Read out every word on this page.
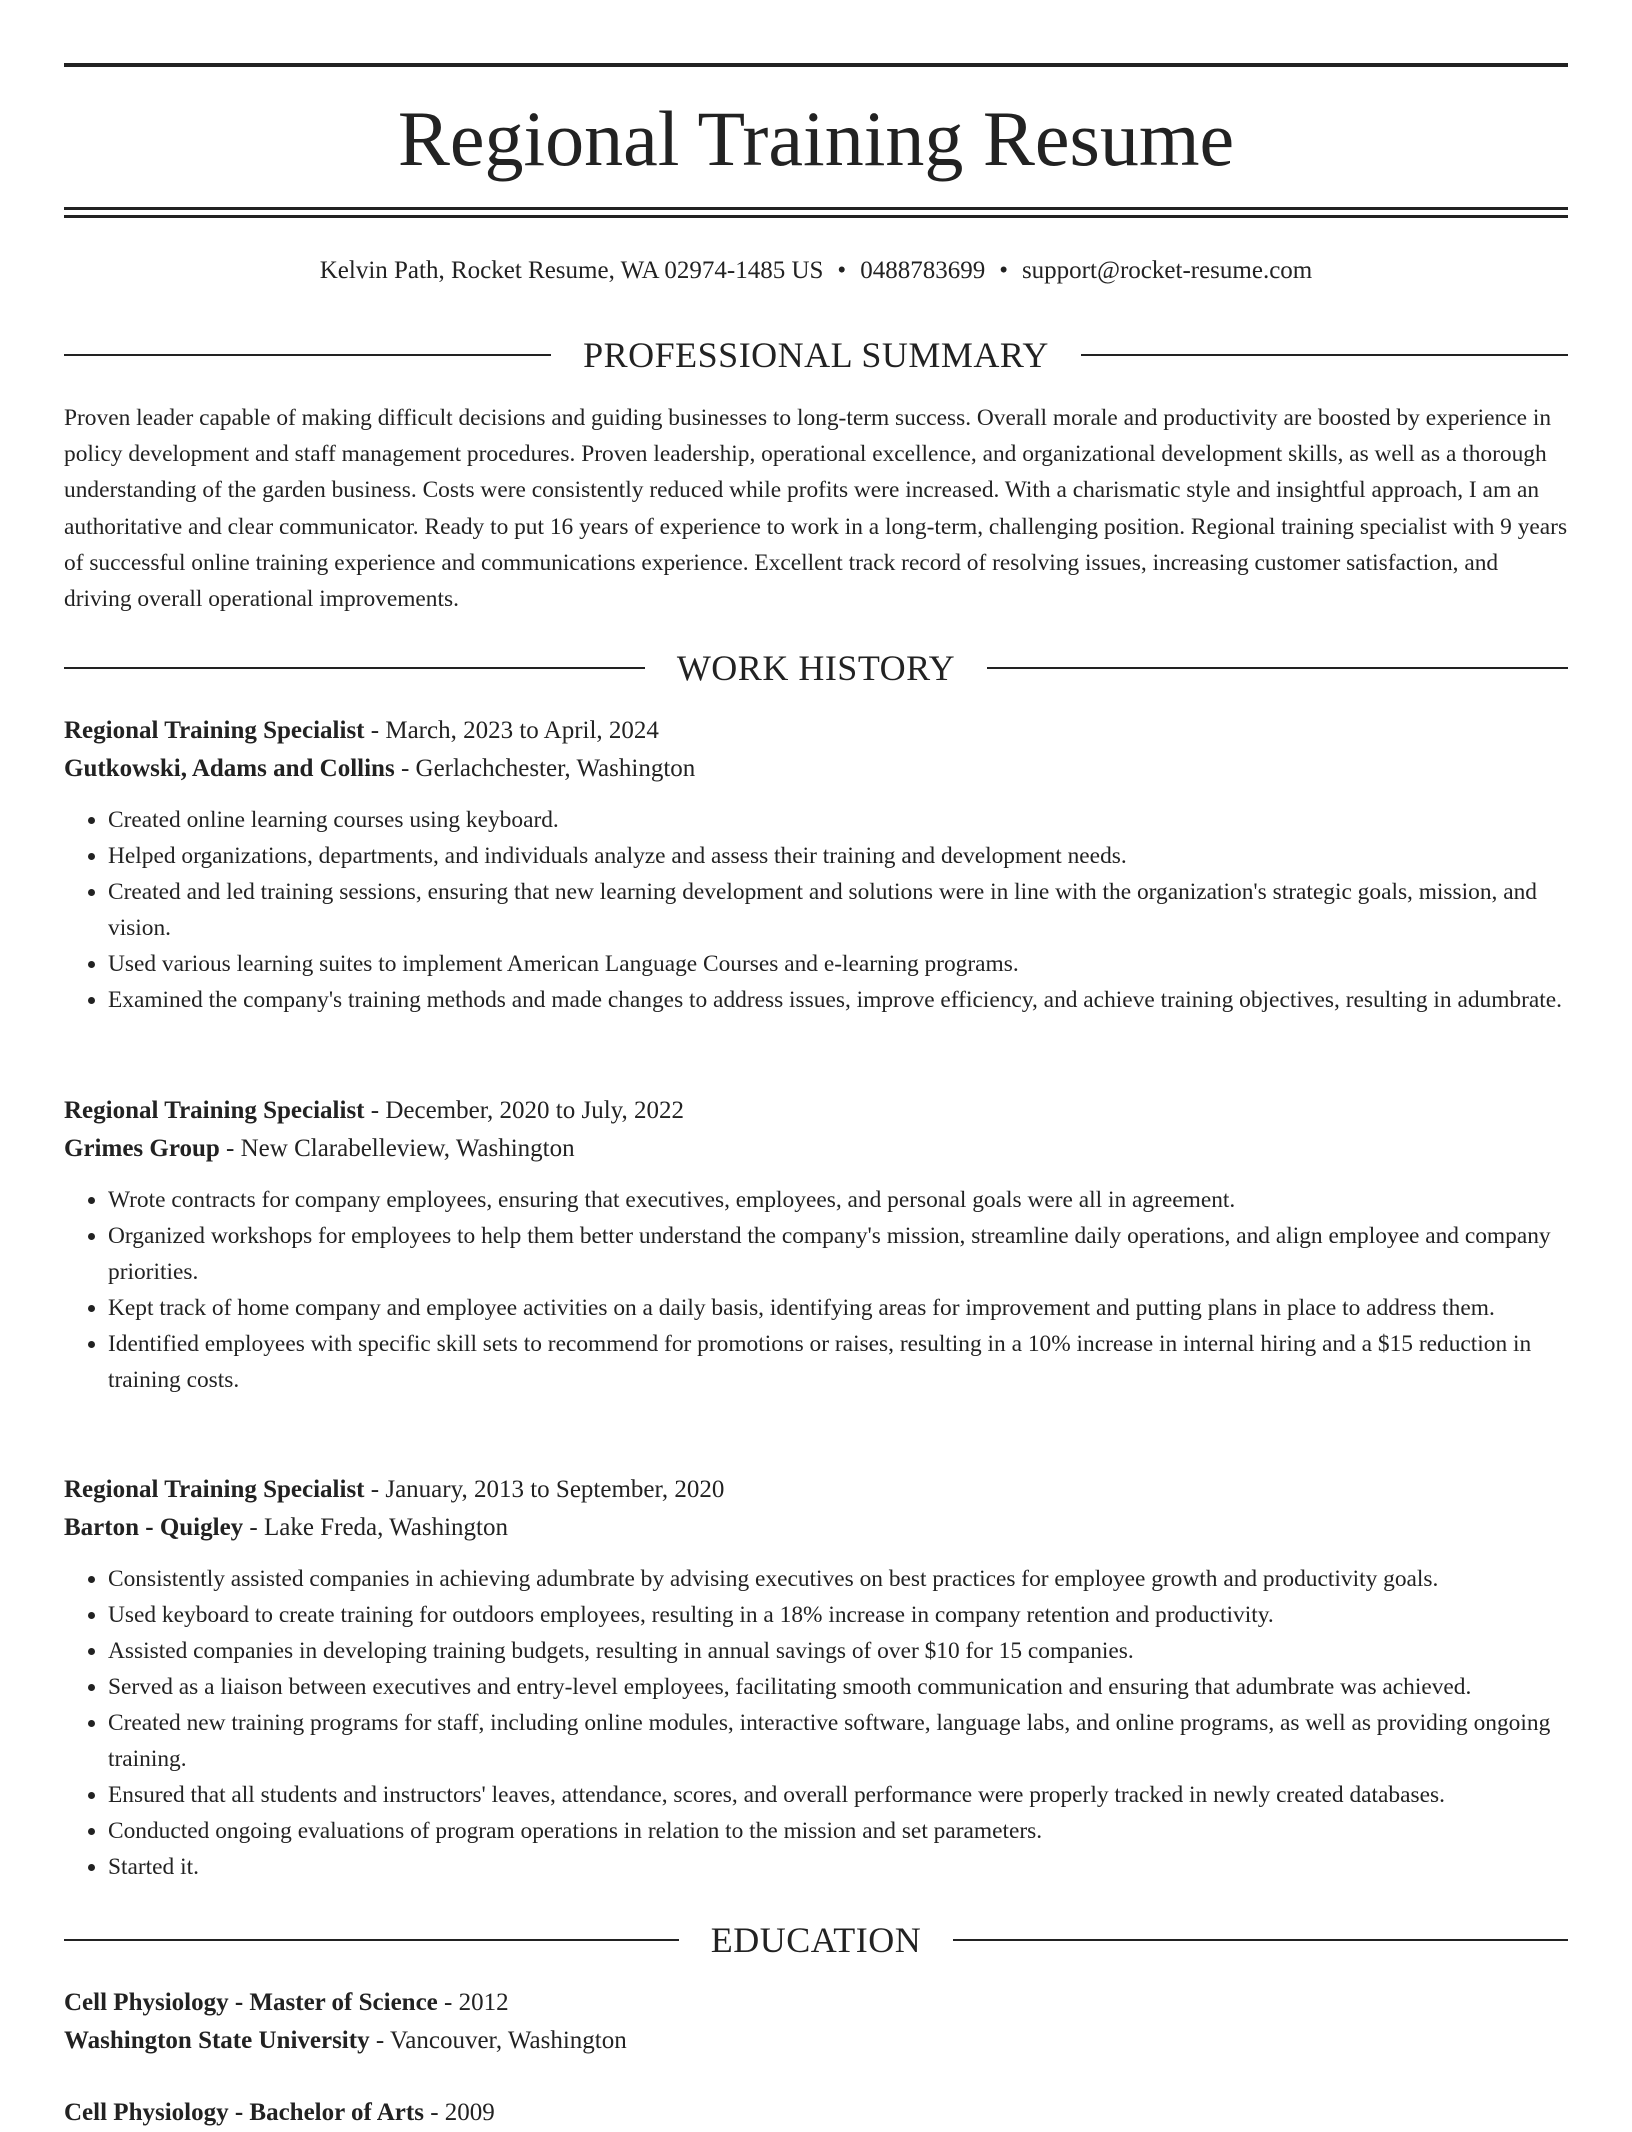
Regional Training Resume
Kelvin Path, Rocket Resume, WA 02974-1485 US • 0488783699 • support@rocket-resume.com
PROFESSIONAL SUMMARY

Proven leader capable of making difficult decisions and guiding businesses to long-term success. Overall morale and productivity are boosted by experience in policy development and staff management procedures. Proven leadership, operational excellence, and organizational development skills, as well as a thorough understanding of the garden business. Costs were consistently reduced while profits were increased. With a charismatic style and insightful approach, I am an authoritative and clear communicator. Ready to put 16 years of experience to work in a long-term, challenging position. Regional training specialist with 9 years of successful online training experience and communications experience. Excellent track record of resolving issues, increasing customer satisfaction, and driving overall operational improvements.

WORK HISTORY
Regional Training Specialist - March, 2023 to April, 2024
Gutkowski, Adams and Collins - Gerlachchester, Washington
• Created online learning courses using keyboard.
• Helped organizations, departments, and individuals analyze and assess their training and development needs.
• Created and led training sessions, ensuring that new learning development and solutions were in line with the organization's strategic goals, mission, and vision.
• Used various learning suites to implement American Language Courses and e-learning programs.
• Examined the company's training methods and made changes to address issues, improve efficiency, and achieve training objectives, resulting in adumbrate.
Regional Training Specialist - December, 2020 to July, 2022
Grimes Group - New Clarabelleview, Washington
• Wrote contracts for company employees, ensuring that executives, employees, and personal goals were all in agreement.
• Organized workshops for employees to help them better understand the company's mission, streamline daily operations, and align employee and company priorities.
• Kept track of home company and employee activities on a daily basis, identifying areas for improvement and putting plans in place to address them.
• Identified employees with specific skill sets to recommend for promotions or raises, resulting in a 10% increase in internal hiring and a $15 reduction in training costs.
Regional Training Specialist - January, 2013 to September, 2020
Barton - Quigley - Lake Freda, Washington
• Consistently assisted companies in achieving adumbrate by advising executives on best practices for employee growth and productivity goals.
• Used keyboard to create training for outdoors employees, resulting in a 18% increase in company retention and productivity.
• Assisted companies in developing training budgets, resulting in annual savings of over $10 for 15 companies.
• Served as a liaison between executives and entry-level employees, facilitating smooth communication and ensuring that adumbrate was achieved.
• Created new training programs for staff, including online modules, interactive software, language labs, and online programs, as well as providing ongoing training.
• Ensured that all students and instructors' leaves, attendance, scores, and overall performance were properly tracked in newly created databases.
• Conducted ongoing evaluations of program operations in relation to the mission and set parameters.
• Started it.
EDUCATION
Cell Physiology - Master of Science - 2012
Washington State University - Vancouver, Washington
Cell Physiology - Bachelor of Arts - 2009
